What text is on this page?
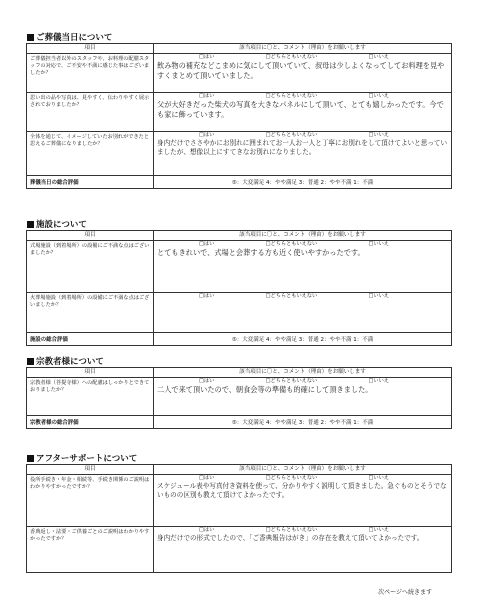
ご葬儀当日について
項目	該当項目に〇と、コメント（理由）をお願いします
ご葬儀担当者以外のスタッフや、お料理の配膳スタッフの対応で、ご不安や不満に感じた事はございましたか？	□はい □どちらともいえない □いいえ
飲み物の補充などこまめに気にして頂いていて、叔母は少しよくなってしてお料理を見やすくまとめて頂いていました。

思い出の品や写真は、見やすく、伝わりやすく展示されておりましたか？	□はい □どちらともいえない □いいえ
父が大好きだった柴犬の写真を大きなパネルにして頂いて、とても嬉しかったです。今でも家に飾っています。

全体を通じて、イメージしていたお別れができたと思えるご葬儀になりましたか？	□はい □どちらともいえない □いいえ
身内だけでささやかにお別れに囲まれてお一人お一人と丁寧にお別れをして頂けてよいと思っていましたが、想像以上にすてきなお別れになりました。

葬儀当日の総合評価	⑤：大変満足 4：やや満足 3：普通 2：やや不満 1：不満
施設について
項目	該当項目に〇と、コメント（理由）をお願いします
式場施設（到着場所）の設備にご不満な点はございましたか？	□はい □どちらともいえない □いいえ
とてもきれいで、式場と会葬する方も近く使いやすかったです。

火葬場施設（到着場所）の設備にご不満な点はございましたか？	□はい □どちらともいえない □いいえ

施設の総合評価	⑤：大変満足 4：やや満足 3：普通 2：やや不満 1：不満
宗教者様について
項目	該当項目に〇と、コメント（理由）をお願いします
宗教者様（菩提寺様）への配慮はしっかりとできておりましたか？	□はい □どちらともいえない □いいえ
二人で来て頂いたので、朝食会等の準備も的確にして頂きました。

宗教者様の総合評価	⑤：大変満足 4：やや満足 3：普通 2：やや不満 1：不満
アフターサポートについて
項目	該当項目に〇と、コメント（理由）をお願いします
役所手続き・年金・相続等、手続き関係のご説明はわかりやすかったですか？	□はい □どちらともいえない □いいえ
スケジュール表や写真付き資料を使って、分かりやすく説明して頂きました。急ぐものとそうでないものの区別も教えて頂けてよかったです。

香典返し・法要・ご供養ごとのご説明はわかりやすかったですか？	□はい □どちらともいえない □いいえ
身内だけでの形式でしたので、「ご香典報告はがき」の存在を教えて頂いてよかったです。
次ページへ続きます
